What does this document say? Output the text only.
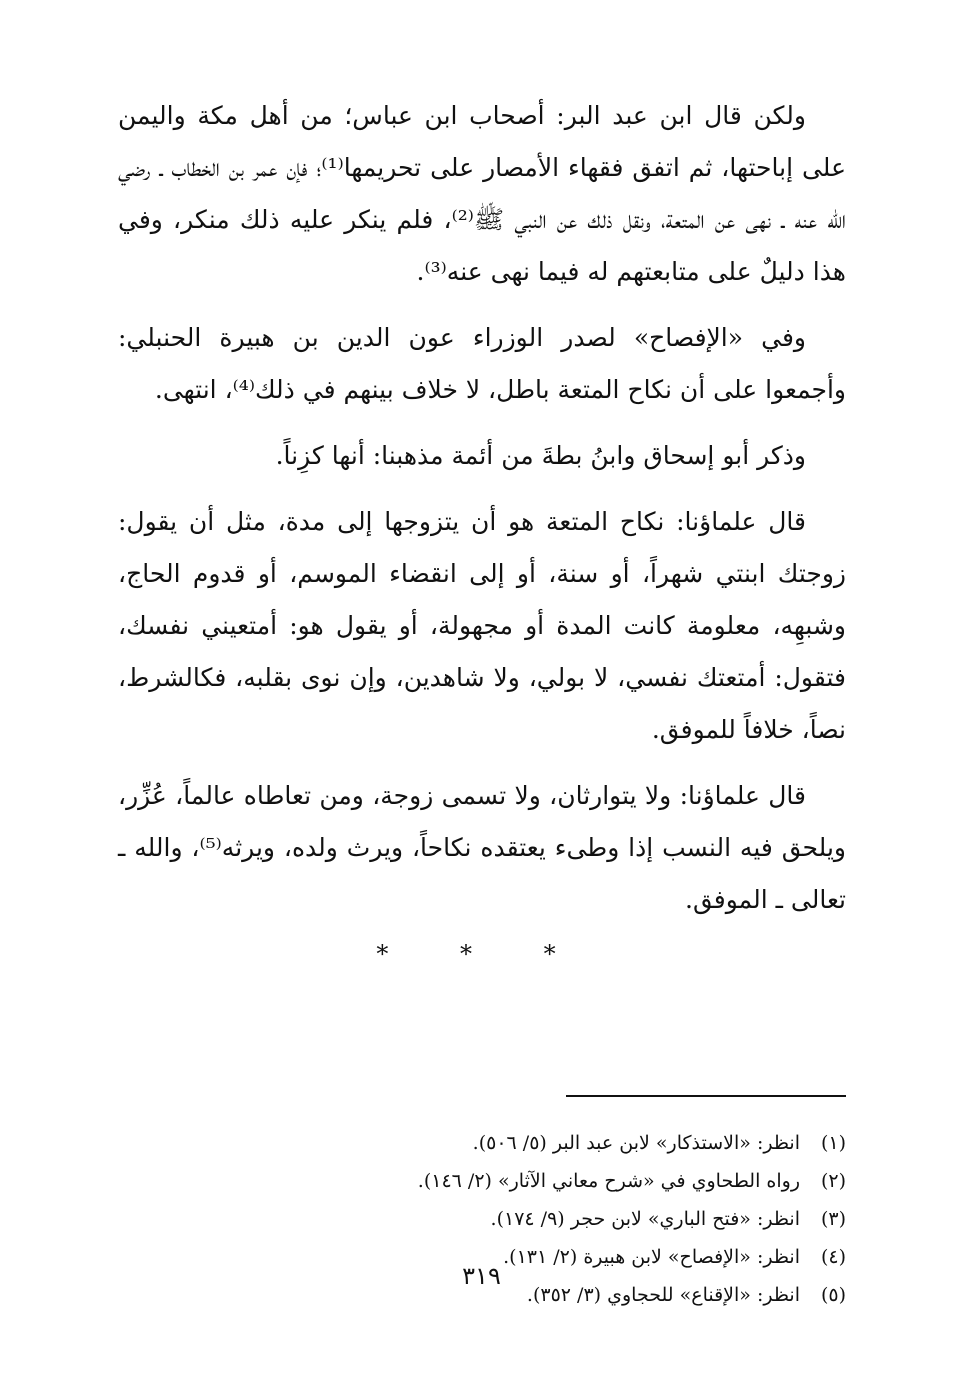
ولكن قال ابن عبد البر: أصحاب ابن عباس؛ من أهل مكة واليمن على إباحتها، ثم اتفق فقهاء الأمصار على تحريمها⁽¹⁾؛ فإن عمر بن الخطاب ـ رضي الله عنه ـ نهى عن المتعة، ونقل ذلك عن النبي ﷺ⁽²⁾، فلم ينكر عليه ذلك منكر، وفي هذا دليلٌ على متابعتهم له فيما نهى عنه⁽³⁾.

وفي «الإفصاح» لصدر الوزراء عون الدين بن هبيرة الحنبلي: وأجمعوا على أن نكاح المتعة باطل، لا خلاف بينهم في ذلك⁽⁴⁾، انتهى.

وذكر أبو إسحاق وابنُ بطةَ من أئمة مذهبنا: أنها كزِناً.

قال علماؤنا: نكاح المتعة هو أن يتزوجها إلى مدة، مثل أن يقول: زوجتك ابنتي شهراً، أو سنة، أو إلى انقضاء الموسم، أو قدوم الحاج، وشبهِه، معلومة كانت المدة أو مجهولة، أو يقول هو: أمتعيني نفسك، فتقول: أمتعتك نفسي، لا بولي، ولا شاهدين، وإن نوى بقلبه، فكالشرط، نصاً، خلافاً للموفق.

قال علماؤنا: ولا يتوارثان، ولا تسمى زوجة، ومن تعاطاه عالماً، عُزِّر، ويلحق فيه النسب إذا وطىء يعتقده نكاحاً، ويرث ولده، ويرثه⁽⁵⁾، والله ـ تعالى ـ الموفق.

* * *
(١)
انظر: «الاستذكار» لابن عبد البر (٥/ ٥٠٦).
(٢)
رواه الطحاوي في «شرح معاني الآثار» (٢/ ١٤٦).
(٣)
انظر: «فتح الباري» لابن حجر (٩/ ١٧٤).
(٤)
انظر: «الإفصاح» لابن هبيرة (٢/ ١٣١).
(٥)
انظر: «الإقناع» للحجاوي (٣/ ٣٥٢).
٣١٩
